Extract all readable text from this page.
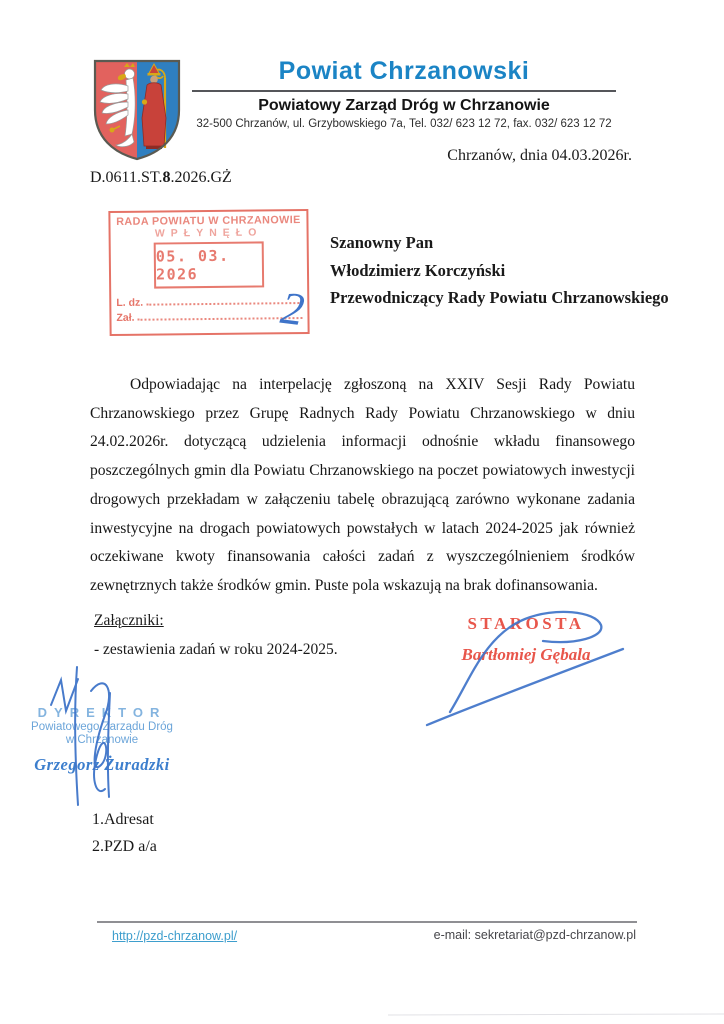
Powiat Chrzanowski
Powiatowy Zarząd Dróg w Chrzanowie
32-500 Chrzanów, ul. Grzybowskiego 7a, Tel. 032/ 623 12 72, fax. 032/ 623 12 72
Chrzanów, dnia 04.03.2026r.
D.0611.ST.8.2026.GŻ
RADA POWIATU W CHRZANOWIE
WPŁYNĘŁO
05. 03. 2026
L. dz.
Zał.	2
Szanowny Pan
Włodzimierz Korczyński
Przewodniczący Rady Powiatu Chrzanowskiego
Odpowiadając na interpelację zgłoszoną na XXIV Sesji Rady Powiatu Chrzanowskiego przez Grupę Radnych Rady Powiatu Chrzanowskiego w dniu 24.02.2026r. dotyczącą udzielenia informacji odnośnie wkładu finansowego poszczególnych gmin dla Powiatu Chrzanowskiego na poczet powiatowych inwestycji drogowych przekładam w załączeniu tabelę obrazującą zarówno wykonane zadania inwestycyjne na drogach powiatowych powstałych w latach 2024-2025 jak również oczekiwane kwoty finansowania całości zadań z wyszczególnieniem środków zewnętrznych także środków gmin. Puste pola wskazują na brak dofinansowania.
Załączniki:
- zestawienia zadań w roku 2024-2025.
STAROSTA
Bartłomiej Gębala
DYREKTOR
Powiatowego Zarządu Dróg
w Chrzanowie
Grzegorz Żuradzki
1.Adresat
2.PZD a/a
http://pzd-chrzanow.pl/	e-mail: sekretariat@pzd-chrzanow.pl
